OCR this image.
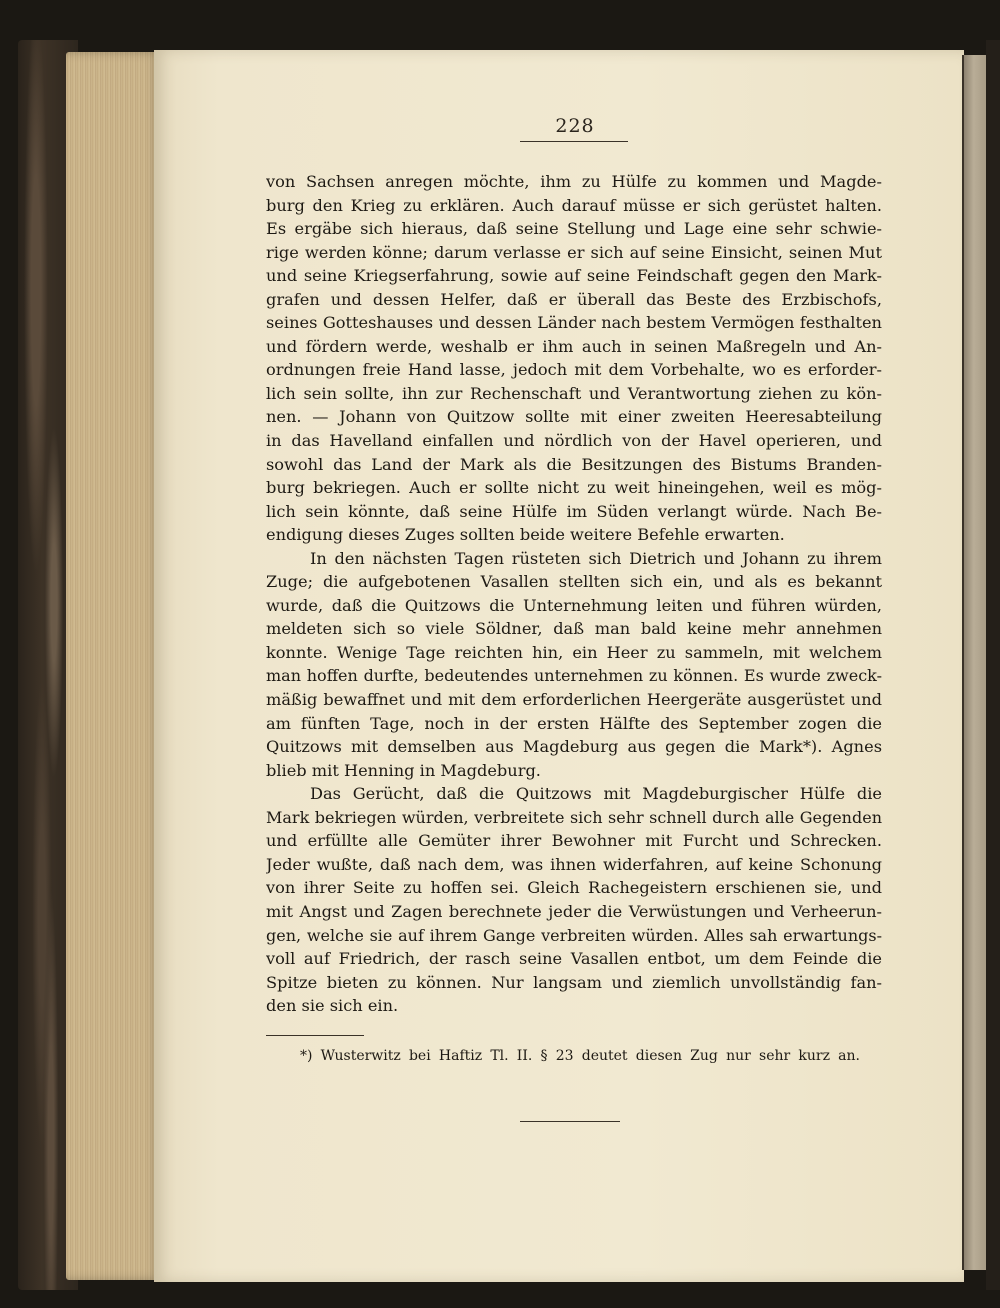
228
von Sachsen anregen möchte, ihm zu Hülfe zu kommen und Magde-
burg den Krieg zu erklären. Auch darauf müsse er sich gerüstet halten.
Es ergäbe sich hieraus, daß seine Stellung und Lage eine sehr schwie-
rige werden könne; darum verlasse er sich auf seine Einsicht, seinen Mut
und seine Kriegserfahrung, sowie auf seine Feindschaft gegen den Mark-
grafen und dessen Helfer, daß er überall das Beste des Erzbischofs,
seines Gotteshauses und dessen Länder nach bestem Vermögen festhalten
und fördern werde, weshalb er ihm auch in seinen Maßregeln und An-
ordnungen freie Hand lasse, jedoch mit dem Vorbehalte, wo es erforder-
lich sein sollte, ihn zur Rechenschaft und Verantwortung ziehen zu kön-
nen. — Johann von Quitzow sollte mit einer zweiten Heeresabteilung
in das Havelland einfallen und nördlich von der Havel operieren, und
sowohl das Land der Mark als die Besitzungen des Bistums Branden-
burg bekriegen. Auch er sollte nicht zu weit hineingehen, weil es mög-
lich sein könnte, daß seine Hülfe im Süden verlangt würde. Nach Be-
endigung dieses Zuges sollten beide weitere Befehle erwarten.
In den nächsten Tagen rüsteten sich Dietrich und Johann zu ihrem
Zuge; die aufgebotenen Vasallen stellten sich ein, und als es bekannt
wurde, daß die Quitzows die Unternehmung leiten und führen würden,
meldeten sich so viele Söldner, daß man bald keine mehr annehmen
konnte. Wenige Tage reichten hin, ein Heer zu sammeln, mit welchem
man hoffen durfte, bedeutendes unternehmen zu können. Es wurde zweck-
mäßig bewaffnet und mit dem erforderlichen Heergeräte ausgerüstet und
am fünften Tage, noch in der ersten Hälfte des September zogen die
Quitzows mit demselben aus Magdeburg aus gegen die Mark*). Agnes
blieb mit Henning in Magdeburg.
Das Gerücht, daß die Quitzows mit Magdeburgischer Hülfe die
Mark bekriegen würden, verbreitete sich sehr schnell durch alle Gegenden
und erfüllte alle Gemüter ihrer Bewohner mit Furcht und Schrecken.
Jeder wußte, daß nach dem, was ihnen widerfahren, auf keine Schonung
von ihrer Seite zu hoffen sei. Gleich Rachegeistern erschienen sie, und
mit Angst und Zagen berechnete jeder die Verwüstungen und Verheerun-
gen, welche sie auf ihrem Gange verbreiten würden. Alles sah erwartungs-
voll auf Friedrich, der rasch seine Vasallen entbot, um dem Feinde die
Spitze bieten zu können. Nur langsam und ziemlich unvollständig fan-
den sie sich ein.
*) Wusterwitz bei Haftiz Tl. II. § 23 deutet diesen Zug nur sehr kurz an.
